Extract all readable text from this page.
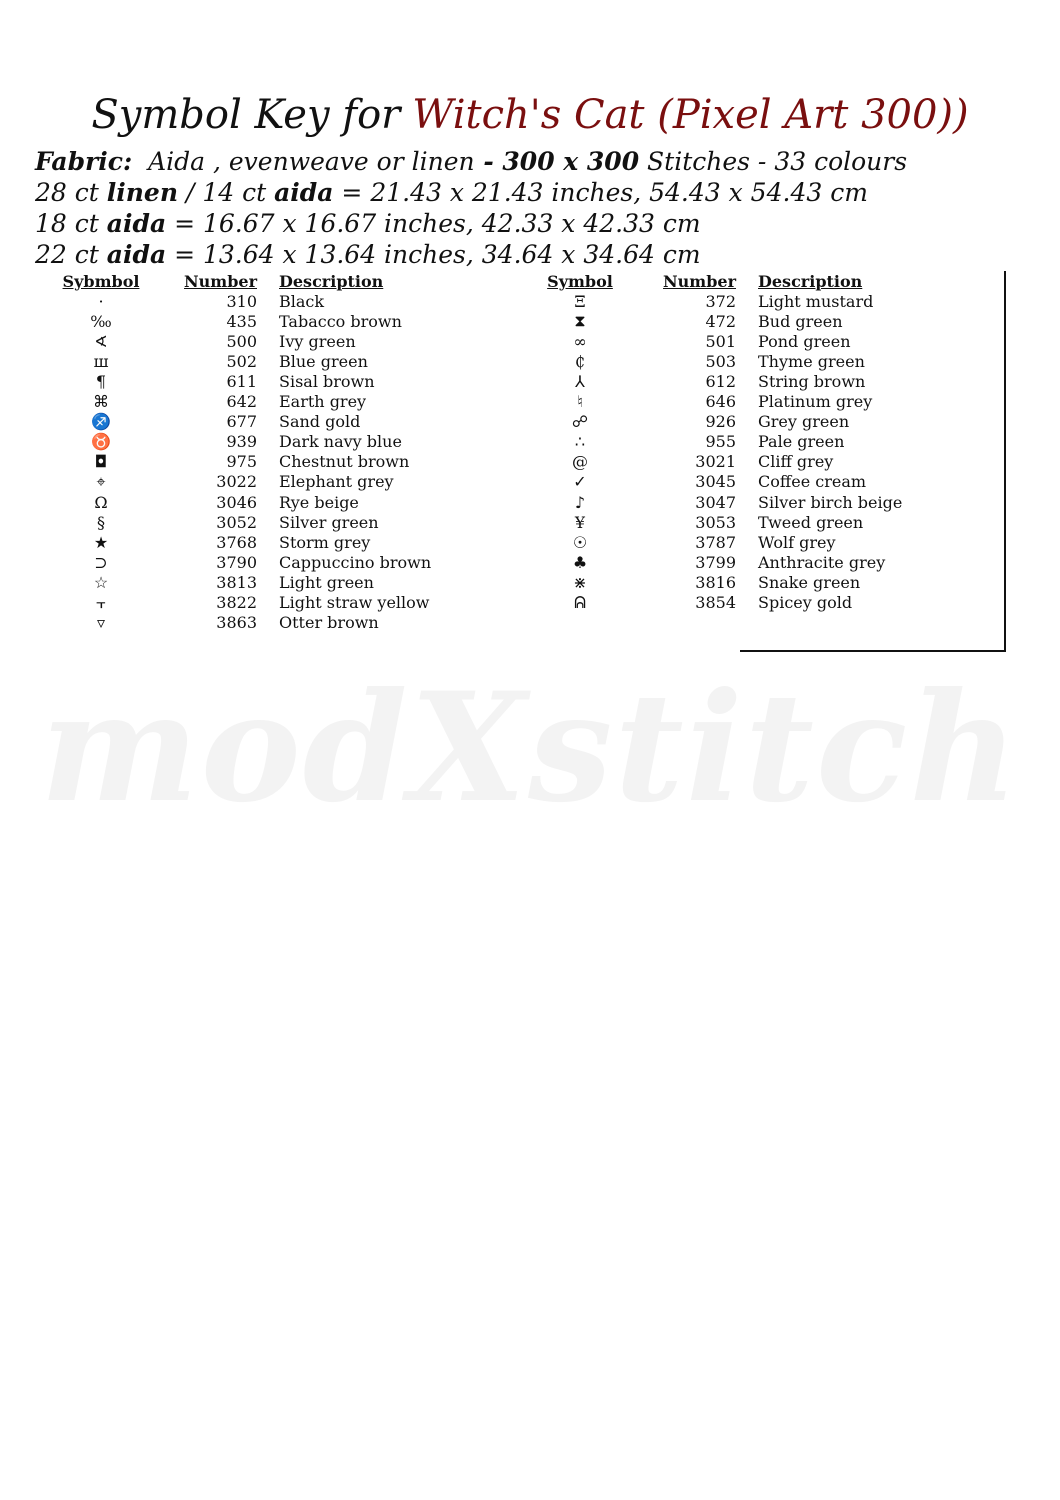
modXstitch
Symbol Key for Witch's Cat (Pixel Art 300))
Fabric: Aida , evenweave or linen - 300 x 300 Stitches - 33 colours
28 ct linen / 14 ct aida = 21.43 x 21.43 inches, 54.43 x 54.43 cm
18 ct aida = 16.67 x 16.67 inches, 42.33 x 42.33 cm
22 ct aida = 13.64 x 13.64 inches, 34.64 x 34.64 cm
Sybmbol	Number	Description
·	310	Black
‰	435	Tabacco brown
∢	500	Ivy green
ш	502	Blue green
¶	611	Sisal brown
⌘	642	Earth grey
♐	677	Sand gold
♉	939	Dark navy blue
◘	975	Chestnut brown
⌖	3022	Elephant grey
Ω	3046	Rye beige
§	3052	Silver green
★	3768	Storm grey
⊃	3790	Cappuccino brown
☆	3813	Light green
⫟	3822	Light straw yellow
▿	3863	Otter brown
Symbol	Number	Description
Ξ	372	Light mustard
⧗	472	Bud green
∞	501	Pond green
₵	503	Thyme green
⅄	612	String brown
♮	646	Platinum grey
☍	926	Grey green
∴	955	Pale green
@	3021	Cliff grey
✓	3045	Coffee cream
♪	3047	Silver birch beige
¥	3053	Tweed green
☉	3787	Wolf grey
♣	3799	Anthracite grey
⋇	3816	Snake green
ᕱ	3854	Spicey gold
